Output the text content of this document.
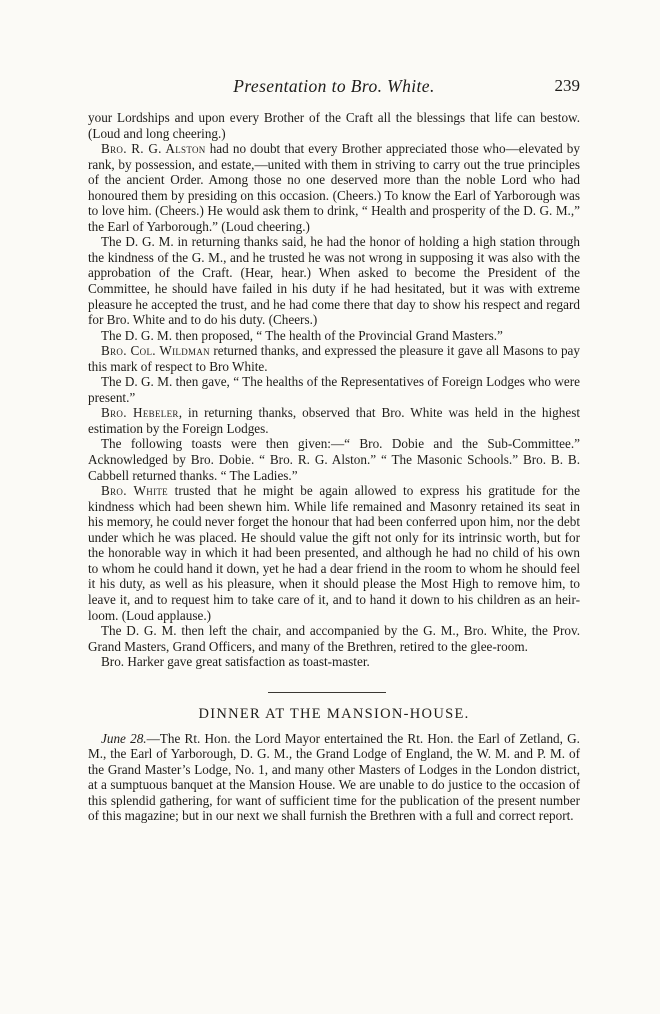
Presentation to Bro. White.	239

your Lordships and upon every Brother of the Craft all the blessings that life can bestow. (Loud and long cheering.)

Bro. R. G. Alston had no doubt that every Brother appreciated those who—elevated by rank, by possession, and estate,—united with them in striving to carry out the true principles of the ancient Order. Among those no one deserved more than the noble Lord who had honoured them by presiding on this occasion. (Cheers.) To know the Earl of Yarborough was to love him. (Cheers.) He would ask them to drink, “ Health and prosperity of the D. G. M.,” the Earl of Yarborough.” (Loud cheering.)

The D. G. M. in returning thanks said, he had the honor of holding a high station through the kindness of the G. M., and he trusted he was not wrong in supposing it was also with the approbation of the Craft. (Hear, hear.) When asked to become the President of the Committee, he should have failed in his duty if he had hesitated, but it was with extreme pleasure he accepted the trust, and he had come there that day to show his respect and regard for Bro. White and to do his duty. (Cheers.)

The D. G. M. then proposed, “ The health of the Provincial Grand Masters.”

Bro. Col. Wildman returned thanks, and expressed the pleasure it gave all Masons to pay this mark of respect to Bro White.

The D. G. M. then gave, “ The healths of the Representatives of Foreign Lodges who were present.”

Bro. Hebeler, in returning thanks, observed that Bro. White was held in the highest estimation by the Foreign Lodges.

The following toasts were then given:—“ Bro. Dobie and the Sub-Committee.” Acknowledged by Bro. Dobie. “ Bro. R. G. Alston.” “ The Masonic Schools.” Bro. B. B. Cabbell returned thanks. “ The Ladies.”

Bro. White trusted that he might be again allowed to express his gratitude for the kindness which had been shewn him. While life remained and Masonry retained its seat in his memory, he could never forget the honour that had been conferred upon him, nor the debt under which he was placed. He should value the gift not only for its intrinsic worth, but for the honorable way in which it had been presented, and although he had no child of his own to whom he could hand it down, yet he had a dear friend in the room to whom he should feel it his duty, as well as his pleasure, when it should please the Most High to remove him, to leave it, and to request him to take care of it, and to hand it down to his children as an heir-loom. (Loud applause.)

The D. G. M. then left the chair, and accompanied by the G. M., Bro. White, the Prov. Grand Masters, Grand Officers, and many of the Brethren, retired to the glee-room.

Bro. Harker gave great satisfaction as toast-master.

DINNER AT THE MANSION-HOUSE.

June 28.—The Rt. Hon. the Lord Mayor entertained the Rt. Hon. the Earl of Zetland, G. M., the Earl of Yarborough, D. G. M., the Grand Lodge of England, the W. M. and P. M. of the Grand Master’s Lodge, No. 1, and many other Masters of Lodges in the London district, at a sumptuous banquet at the Mansion House. We are unable to do justice to the occasion of this splendid gathering, for want of sufficient time for the publication of the present number of this magazine; but in our next we shall furnish the Brethren with a full and correct report.
